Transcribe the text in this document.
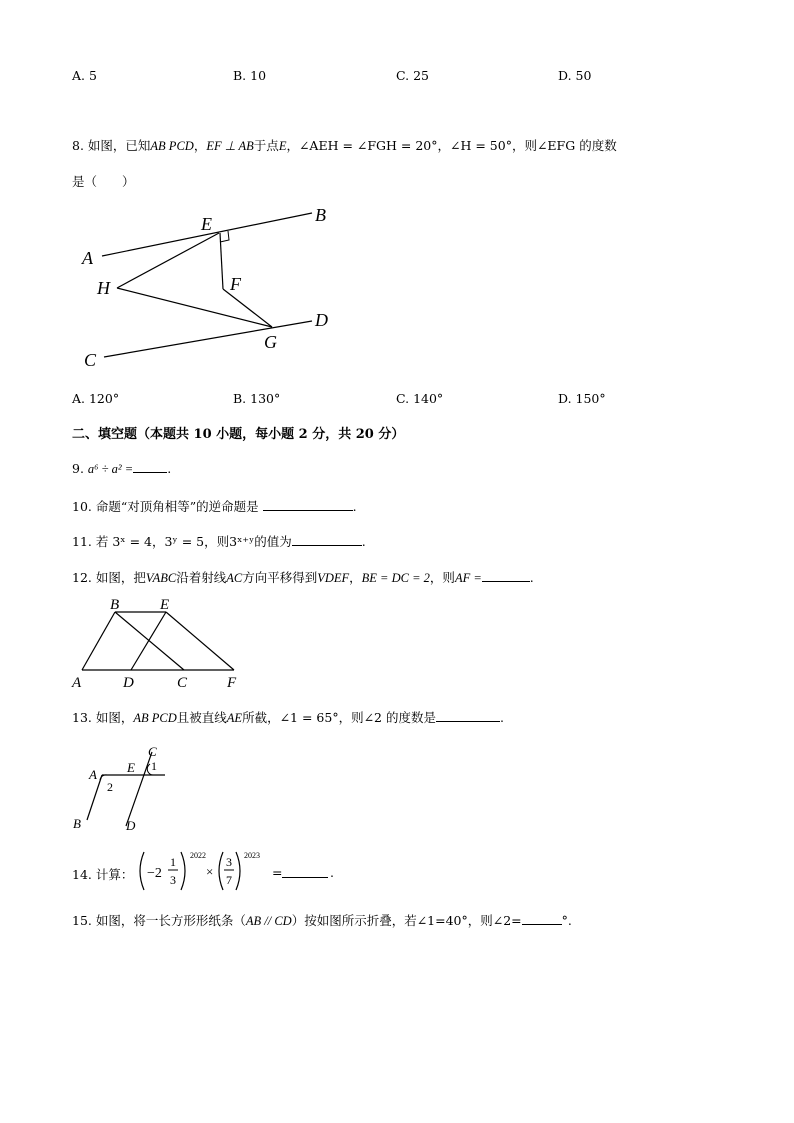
A. 5	B. 10	C. 25	D. 50
8. 如图，已知AB PCD，EF ⊥ AB于点E，∠AEH = ∠FGH = 20°，∠H = 50°，则∠EFG 的度数
是（　　）
A
B
E
F
H
G
D
C
A. 120°	B. 130°	C. 140°	D. 150°
二、填空题（本题共 10 小题，每小题 2 分，共 20 分）
9. a⁶ ÷ a² =	.
10. 命题“对顶角相等”的逆命题是	.
11. 若 3ˣ = 4，3ʸ = 5，则3ˣ⁺ʸ的值为	.
12. 如图，把VABC沿着射线AC方向平移得到VDEF，BE = DC = 2，则AF =	.
B	E
A	D	C	F
13. 如图，AB PCD且被直线AE所截，∠1 = 65°，则∠2 的度数是	.
C
1
A E
2
B	D
14. 计算： −2
1
3
2022
×
3
7
2023
=	.
15. 如图，将一长方形形纸条（AB // CD）按如图所示折叠，若∠1=40°，则∠2=	°.
